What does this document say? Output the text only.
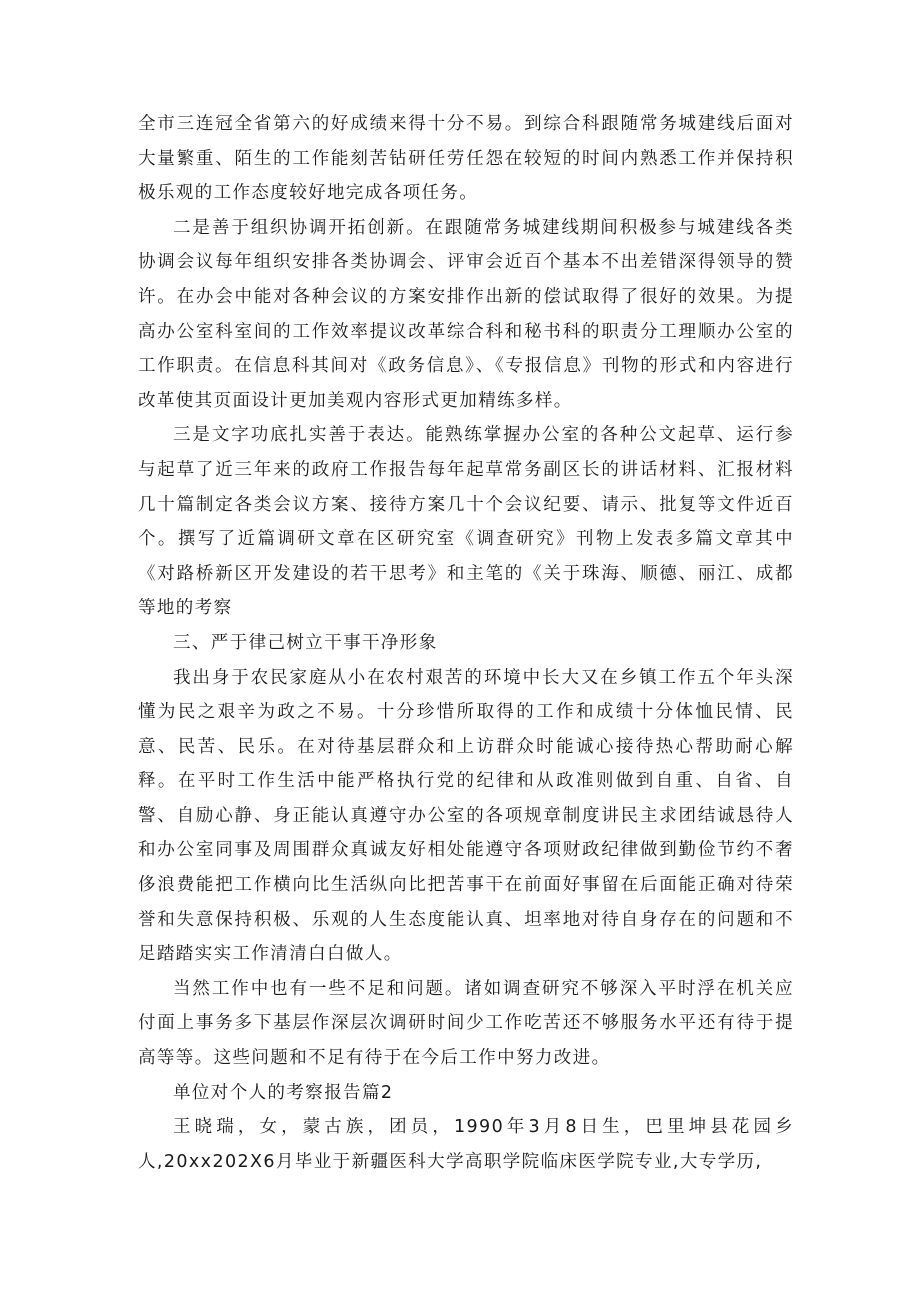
全市三连冠全省第六的好成绩来得十分不易。到综合科跟随常务城建线后面对大量繁重、陌生的工作能刻苦钻研任劳任怨在较短的时间内熟悉工作并保持积极乐观的工作态度较好地完成各项任务。

二是善于组织协调开拓创新。在跟随常务城建线期间积极参与城建线各类协调会议每年组织安排各类协调会、评审会近百个基本不出差错深得领导的赞许。在办会中能对各种会议的方案安排作出新的偿试取得了很好的效果。为提高办公室科室间的工作效率提议改革综合科和秘书科的职责分工理顺办公室的工作职责。在信息科其间对《政务信息》、《专报信息》刊物的形式和内容进行改革使其页面设计更加美观内容形式更加精练多样。

三是文字功底扎实善于表达。能熟练掌握办公室的各种公文起草、运行参与起草了近三年来的政府工作报告每年起草常务副区长的讲话材料、汇报材料几十篇制定各类会议方案、接待方案几十个会议纪要、请示、批复等文件近百个。撰写了近篇调研文章在区研究室《调查研究》刊物上发表多篇文章其中《对路桥新区开发建设的若干思考》和主笔的《关于珠海、顺德、丽江、成都等地的考察

三、严于律己树立干事干净形象

我出身于农民家庭从小在农村艰苦的环境中长大又在乡镇工作五个年头深懂为民之艰辛为政之不易。十分珍惜所取得的工作和成绩十分体恤民情、民意、民苦、民乐。在对待基层群众和上访群众时能诚心接待热心帮助耐心解释。在平时工作生活中能严格执行党的纪律和从政准则做到自重、自省、自警、自励心静、身正能认真遵守办公室的各项规章制度讲民主求团结诚恳待人和办公室同事及周围群众真诚友好相处能遵守各项财政纪律做到勤俭节约不奢侈浪费能把工作横向比生活纵向比把苦事干在前面好事留在后面能正确对待荣誉和失意保持积极、乐观的人生态度能认真、坦率地对待自身存在的问题和不足踏踏实实工作清清白白做人。

当然工作中也有一些不足和问题。诸如调查研究不够深入平时浮在机关应付面上事务多下基层作深层次调研时间少工作吃苦还不够服务水平还有待于提高等等。这些问题和不足有待于在今后工作中努力改进。

单位对个人的考察报告篇2

王晓瑞，女，蒙古族，团员，1990年3月8日生，巴里坤县花园乡人,20xx202X6月毕业于新疆医科大学高职学院临床医学院专业,大专学历,
